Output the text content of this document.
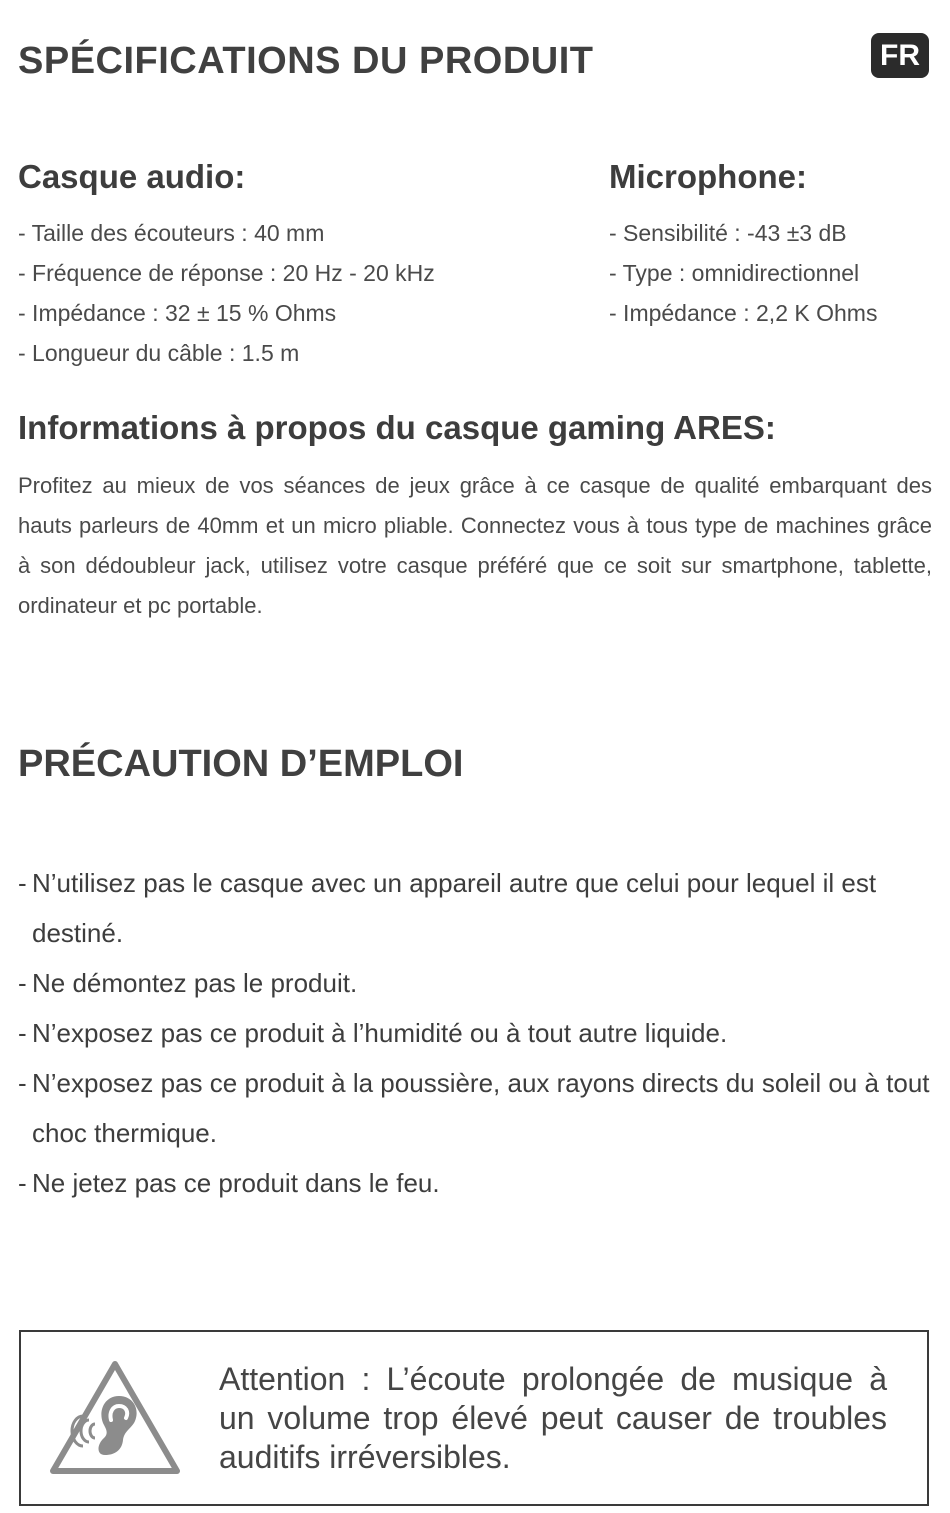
SPÉCIFICATIONS DU PRODUIT	FR
Casque audio:
- Taille des écouteurs : 40 mm
- Fréquence de réponse : 20 Hz - 20 kHz
- Impédance : 32 ± 15 % Ohms
- Longueur du câble : 1.5 m
Microphone:
- Sensibilité : -43 ±3 dB
- Type : omnidirectionnel
- Impédance : 2,2 K Ohms
Informations à propos du casque gaming ARES:

Profitez au mieux de vos séances de jeux grâce à ce casque de qualité embarquant des hauts parleurs de 40mm et un micro pliable. Connectez vous à tous type de machines grâce à son dédoubleur jack, utilisez votre casque préféré que ce soit sur smartphone, tablette, ordinateur et pc portable.

PRÉCAUTION D’EMPLOI
- N’utilisez pas le casque avec un appareil autre que celui pour lequel il est destiné.
- Ne démontez pas le produit.
- N’exposez pas ce produit à l’humidité ou à tout autre liquide.
- N’exposez pas ce produit à la poussière, aux rayons directs du soleil ou à tout choc thermique.
- Ne jetez pas ce produit dans le feu.

Attention : L’écoute prolongée de musique à un volume trop élevé peut causer de troubles auditifs irréversibles.
